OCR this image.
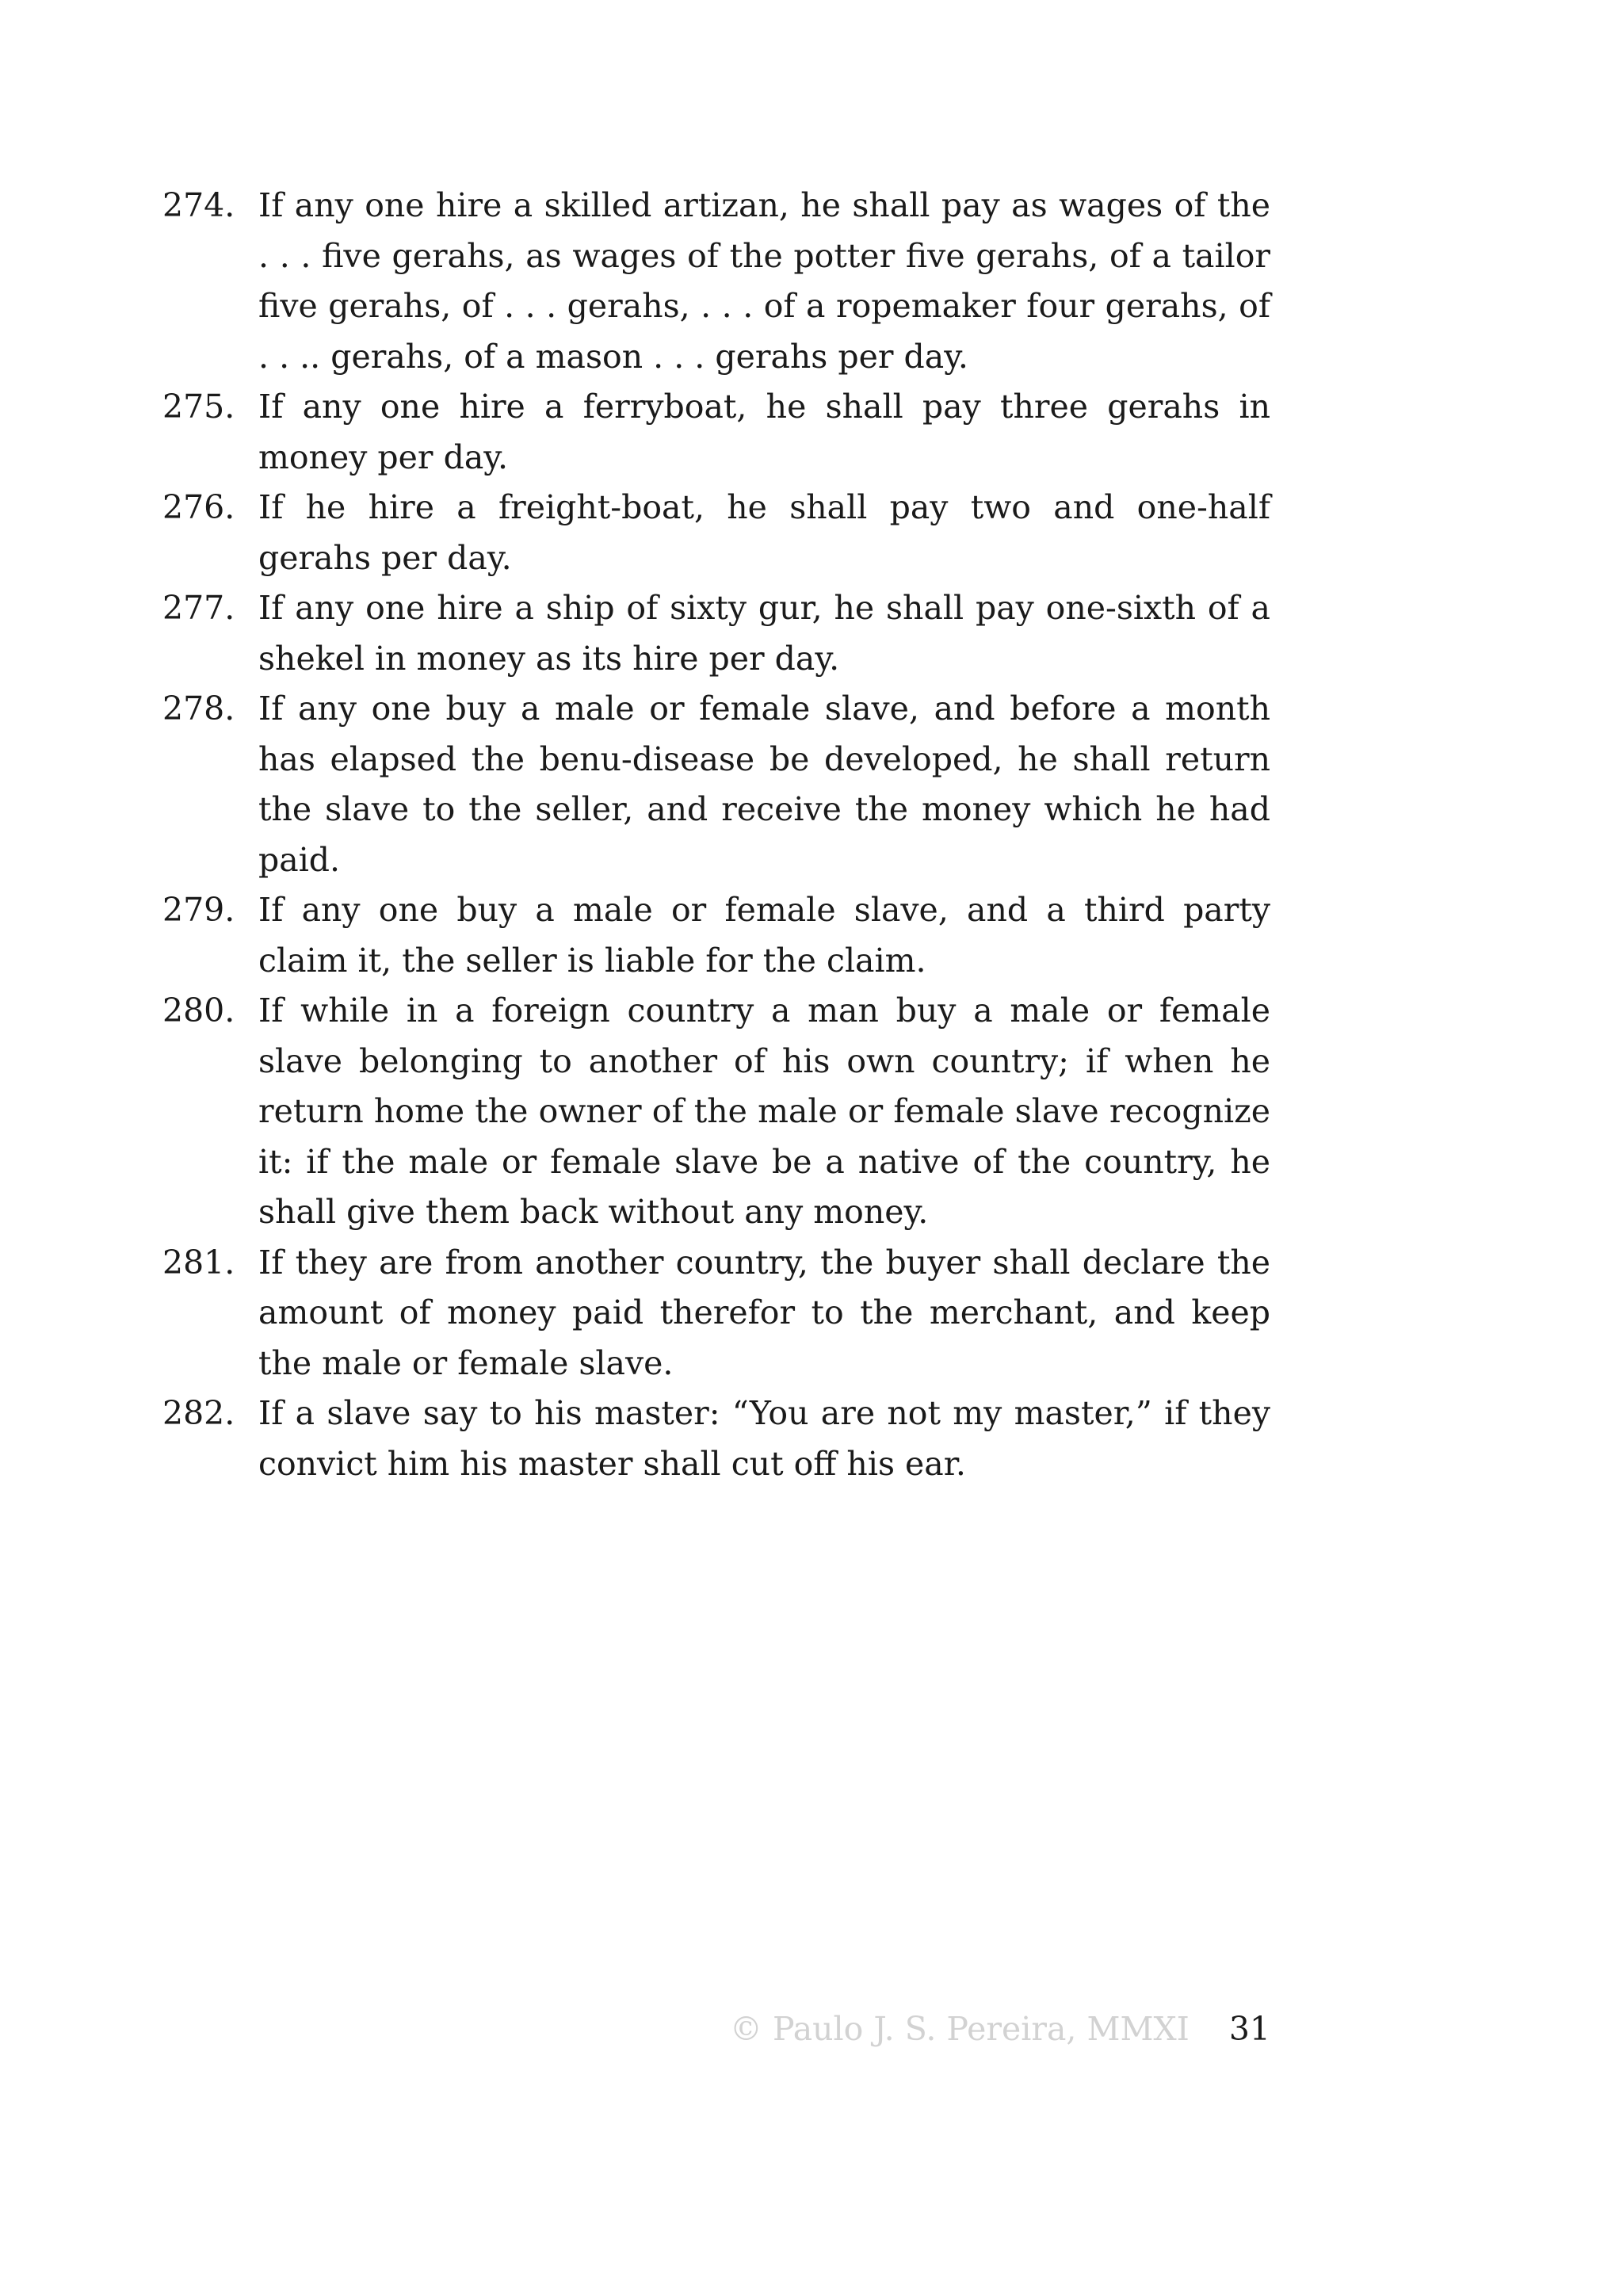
274. If any one hire a skilled artizan, he shall pay as wages of the . . . five gerahs, as wages of the potter five gerahs, of a tailor five gerahs, of . . . gerahs, . . . of a ropemaker four gerahs, of . . .. gerahs, of a mason . . . gerahs per day.
275. If any one hire a ferryboat, he shall pay three gerahs in money per day.
276. If he hire a freight-boat, he shall pay two and one-half gerahs per day.
277. If any one hire a ship of sixty gur, he shall pay one-sixth of a shekel in money as its hire per day.
278. If any one buy a male or female slave, and before a month has elapsed the benu-disease be developed, he shall return the slave to the seller, and receive the money which he had paid.
279. If any one buy a male or female slave, and a third party claim it, the seller is liable for the claim.
280. If while in a foreign country a man buy a male or female slave belonging to another of his own country; if when he return home the owner of the male or female slave recognize it: if the male or female slave be a native of the country, he shall give them back without any money.
281. If they are from another country, the buyer shall declare the amount of money paid therefor to the merchant, and keep the male or female slave.
282. If a slave say to his master: “You are not my master,” if they convict him his master shall cut off his ear.
© Paulo J. S. Pereira, MMXI 31
